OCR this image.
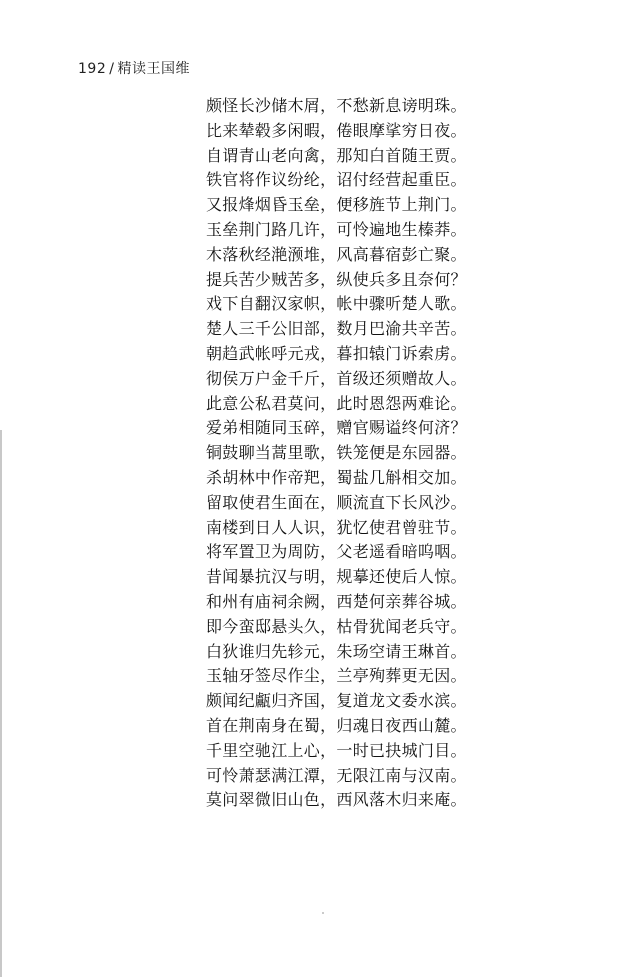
192 / 精读王国维
颇怪长沙储木屑，不愁新息谤明珠。
比来辇毂多闲暇，倦眼摩挲穷日夜。
自谓青山老向禽，那知白首随王贾。
铁官将作议纷纶，诏付经营起重臣。
又报烽烟昏玉垒，便移旌节上荆门。
玉垒荆门路几许，可怜遍地生榛莽。
木落秋经滟滪堆，风高暮宿彭亡聚。
提兵苦少贼苦多，纵使兵多且奈何？
戏下自翻汉家帜，帐中骤听楚人歌。
楚人三千公旧部，数月巴渝共辛苦。
朝趋武帐呼元戎，暮扣辕门诉索虏。
彻侯万户金千斤，首级还须赠故人。
此意公私君莫问，此时恩怨两难论。
爱弟相随同玉碎，赠官赐谥终何济？
铜鼓聊当蒿里歌，铁笼便是东园器。
杀胡林中作帝羓，蜀盐几斛相交加。
留取使君生面在，顺流直下长风沙。
南楼到日人人识，犹忆使君曾驻节。
将军置卫为周防，父老遥看暗呜咽。
昔闻暴抗汉与明，规摹还使后人惊。
和州有庙祠余阙，西楚何亲葬谷城。
即今蛮邸悬头久，枯骨犹闻老兵守。
白狄谁归先轸元，朱玚空请王琳首。
玉轴牙签尽作尘，兰亭殉葬更无因。
颇闻纪甗归齐国，复道龙文委水滨。
首在荆南身在蜀，归魂日夜西山麓。
千里空驰江上心，一时已抉城门目。
可怜萧瑟满江潭，无限江南与汉南。
莫问翠微旧山色，西风落木归来庵。
